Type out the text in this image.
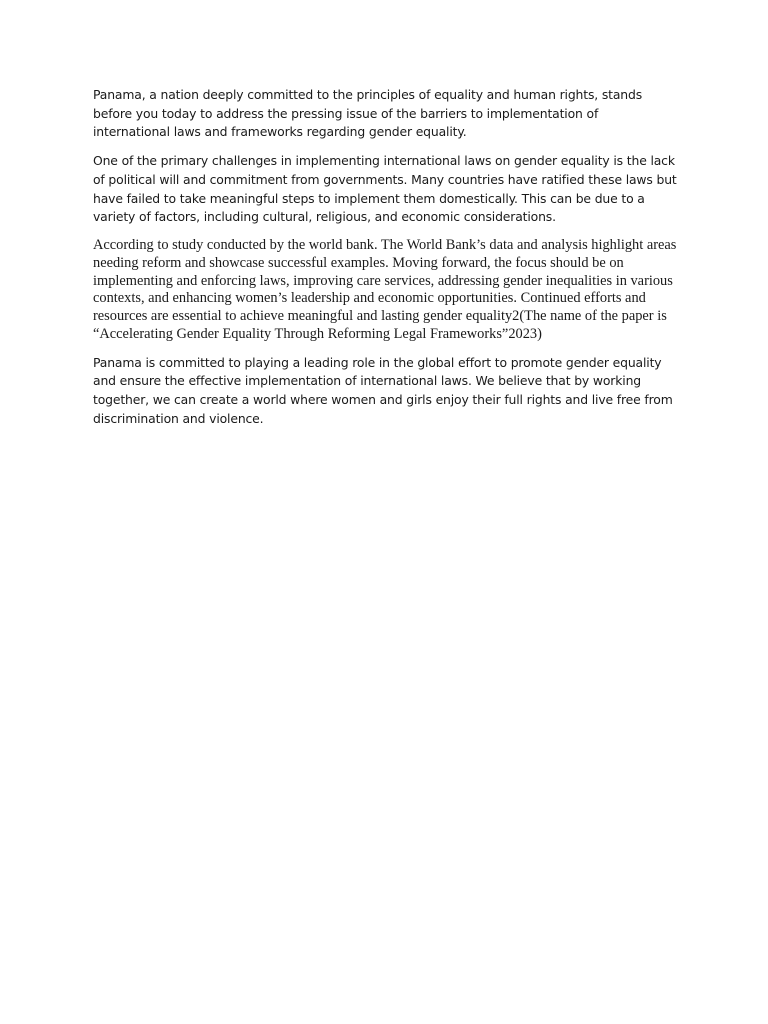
Panama, a nation deeply committed to the principles of equality and human rights, stands before you today to address the pressing issue of the barriers to implementation of international laws and frameworks regarding gender equality.

One of the primary challenges in implementing international laws on gender equality is the lack of political will and commitment from governments. Many countries have ratified these laws but have failed to take meaningful steps to implement them domestically. This can be due to a variety of factors, including cultural, religious, and economic considerations.

According to study conducted by the world bank. The World Bank’s data and analysis highlight areas needing reform and showcase successful examples. Moving forward, the focus should be on implementing and enforcing laws, improving care services, addressing gender inequalities in various contexts, and enhancing women’s leadership and economic opportunities. Continued efforts and resources are essential to achieve meaningful and lasting gender equality2(The name of the paper is “Accelerating Gender Equality Through Reforming Legal Frameworks”2023)

Panama is committed to playing a leading role in the global effort to promote gender equality and ensure the effective implementation of international laws. We believe that by working together, we can create a world where women and girls enjoy their full rights and live free from discrimination and violence.
